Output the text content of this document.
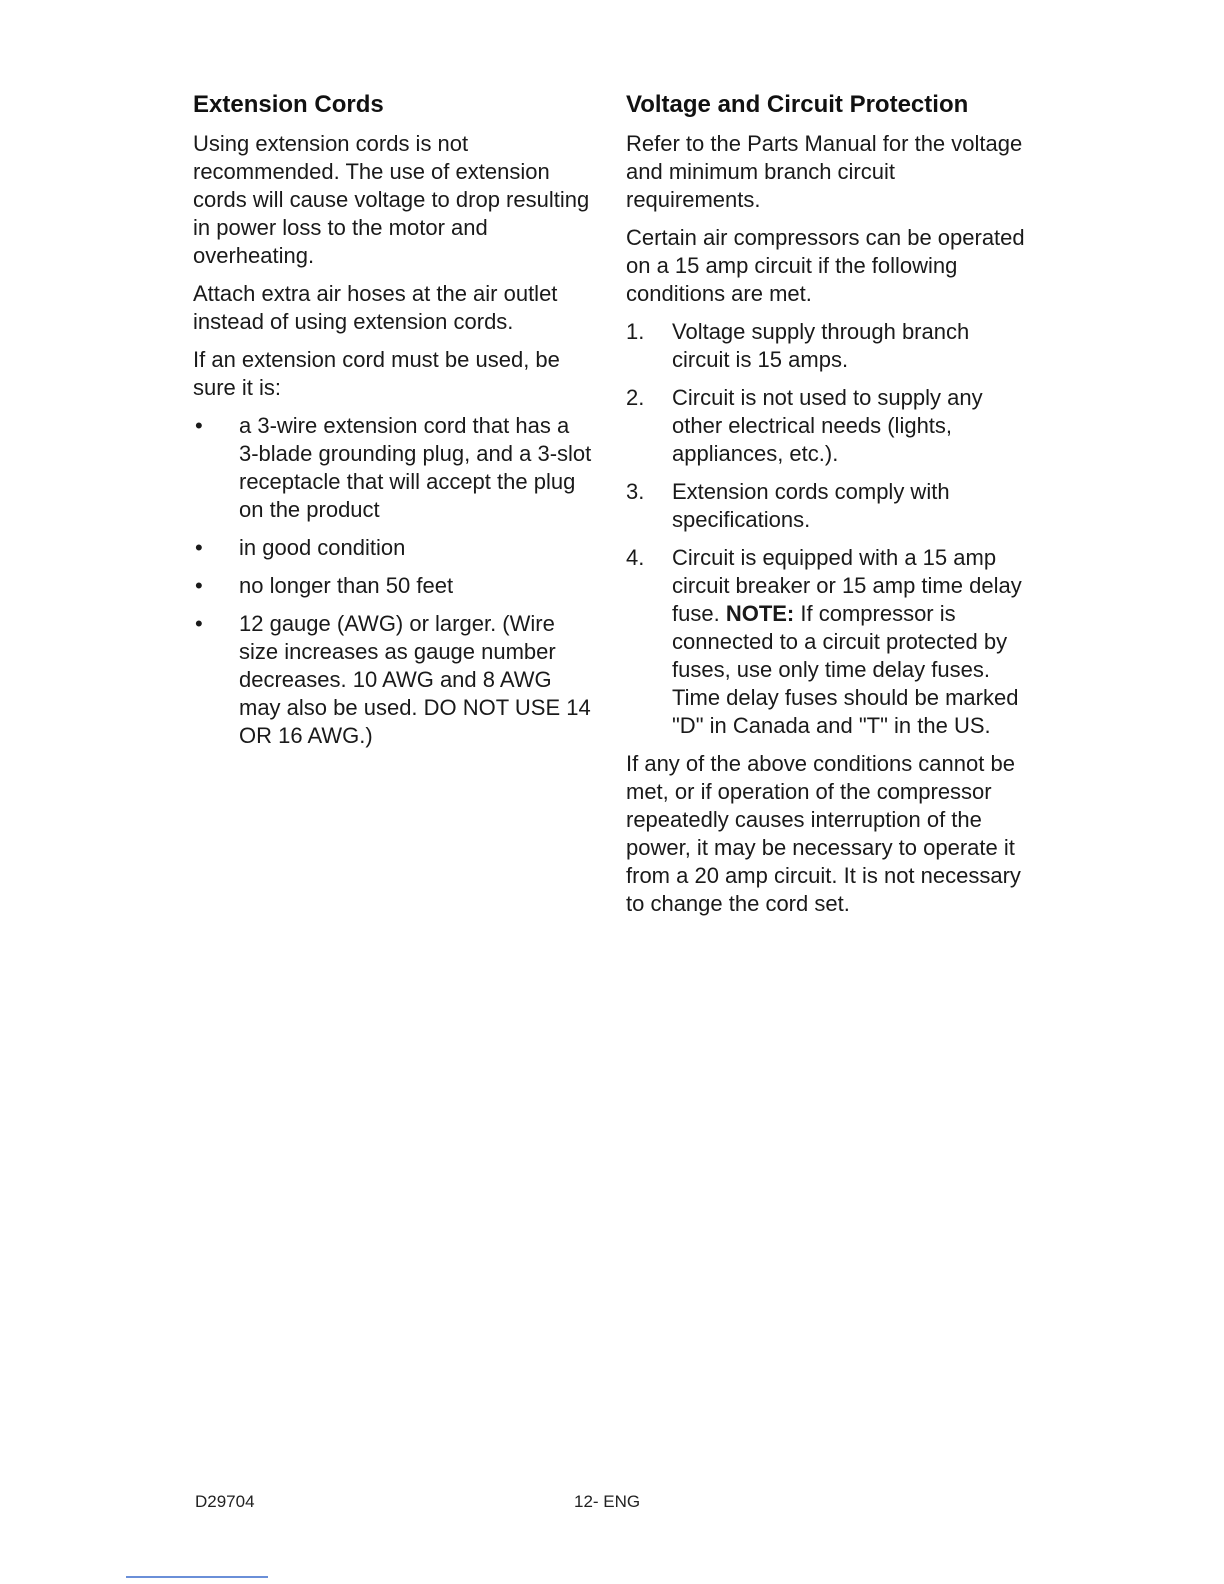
Extension Cords

Using extension cords is not recommended. The use of extension cords will cause voltage to drop resulting in power loss to the motor and overheating.

Attach extra air hoses at the air outlet instead of using extension cords.

If an extension cord must be used, be sure it is:

• a 3-wire extension cord that has a 3-blade grounding plug, and a 3-slot receptacle that will accept the plug on the product
• in good condition
• no longer than 50 feet
• 12 gauge (AWG) or larger. (Wire size increases as gauge number decreases. 10 AWG and 8 AWG may also be used. DO NOT USE 14 OR 16 AWG.)
Voltage and Circuit Protection

Refer to the Parts Manual for the voltage and minimum branch circuit requirements.

Certain air compressors can be operated on a 15 amp circuit if the following conditions are met.

1. Voltage supply through branch circuit is 15 amps.
2. Circuit is not used to supply any other electrical needs (lights, appliances, etc.).
3. Extension cords comply with specifications.
4. Circuit is equipped with a 15 amp circuit breaker or 15 amp time delay fuse. NOTE: If compressor is connected to a circuit protected by fuses, use only time delay fuses. Time delay fuses should be marked "D" in Canada and "T" in the US.

If any of the above conditions cannot be met, or if operation of the compressor repeatedly causes interruption of the power, it may be necessary to operate it from a 20 amp circuit. It is not necessary to change the cord set.

D29704	12- ENG
